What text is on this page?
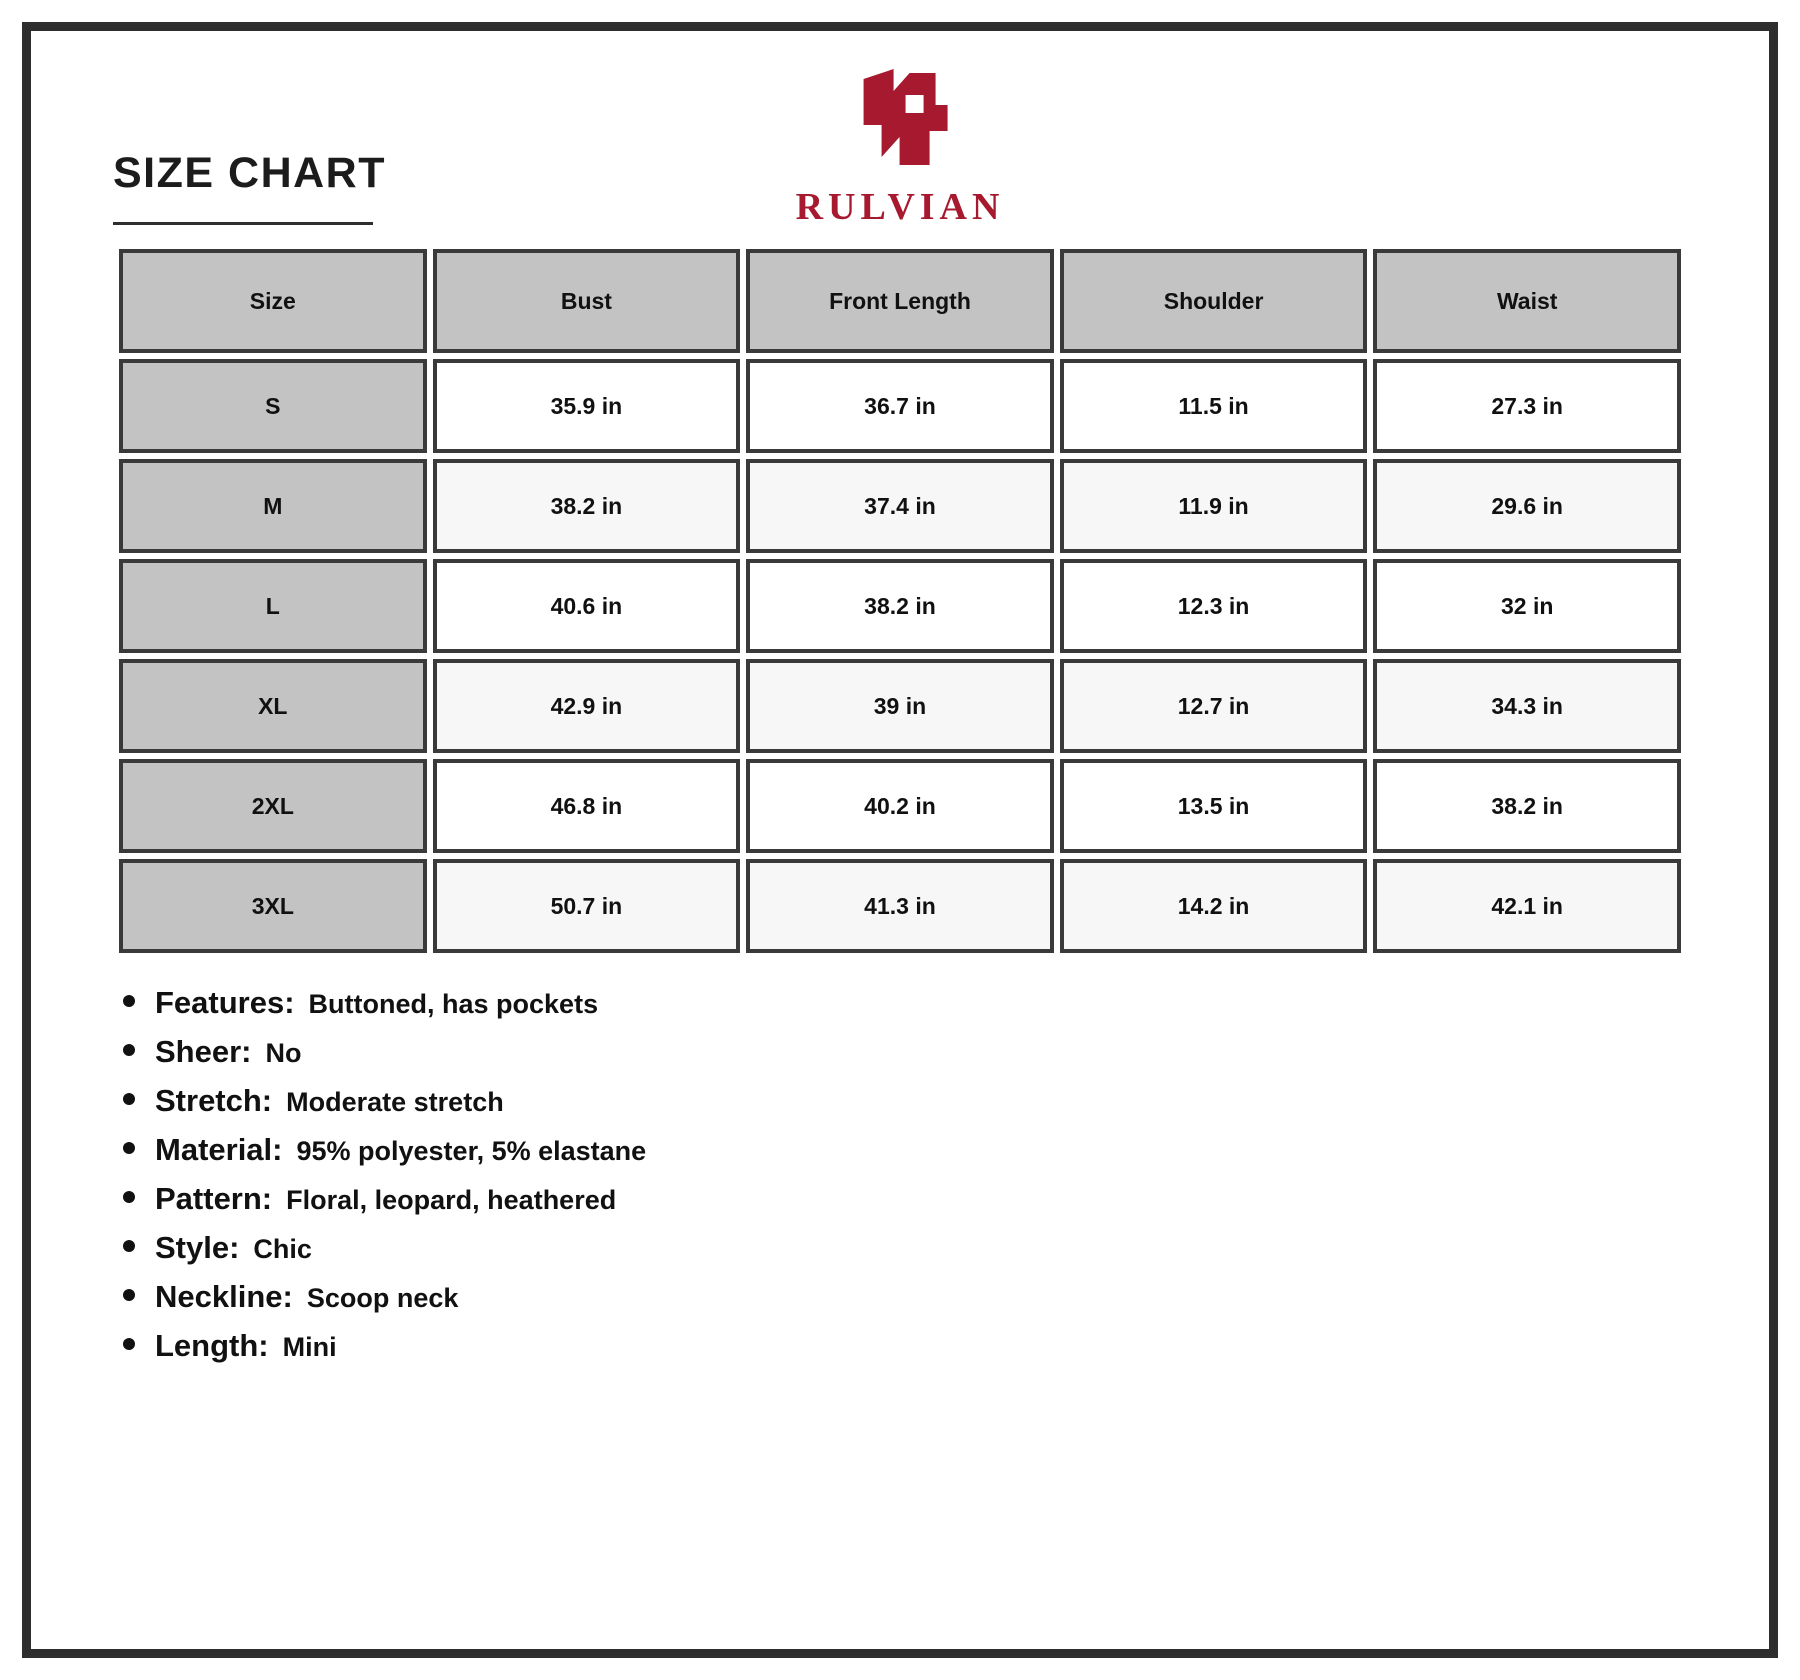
SIZE CHART
RULVIAN
Size	Bust	Front Length	Shoulder	Waist
S	35.9 in	36.7 in	11.5 in	27.3 in
M	38.2 in	37.4 in	11.9 in	29.6 in
L	40.6 in	38.2 in	12.3 in	32 in
XL	42.9 in	39 in	12.7 in	34.3 in
2XL	46.8 in	40.2 in	13.5 in	38.2 in
3XL	50.7 in	41.3 in	14.2 in	42.1 in
Features: Buttoned, has pockets
Sheer: No
Stretch: Moderate stretch
Material: 95% polyester, 5% elastane
Pattern: Floral, leopard, heathered
Style: Chic
Neckline: Scoop neck
Length: Mini
